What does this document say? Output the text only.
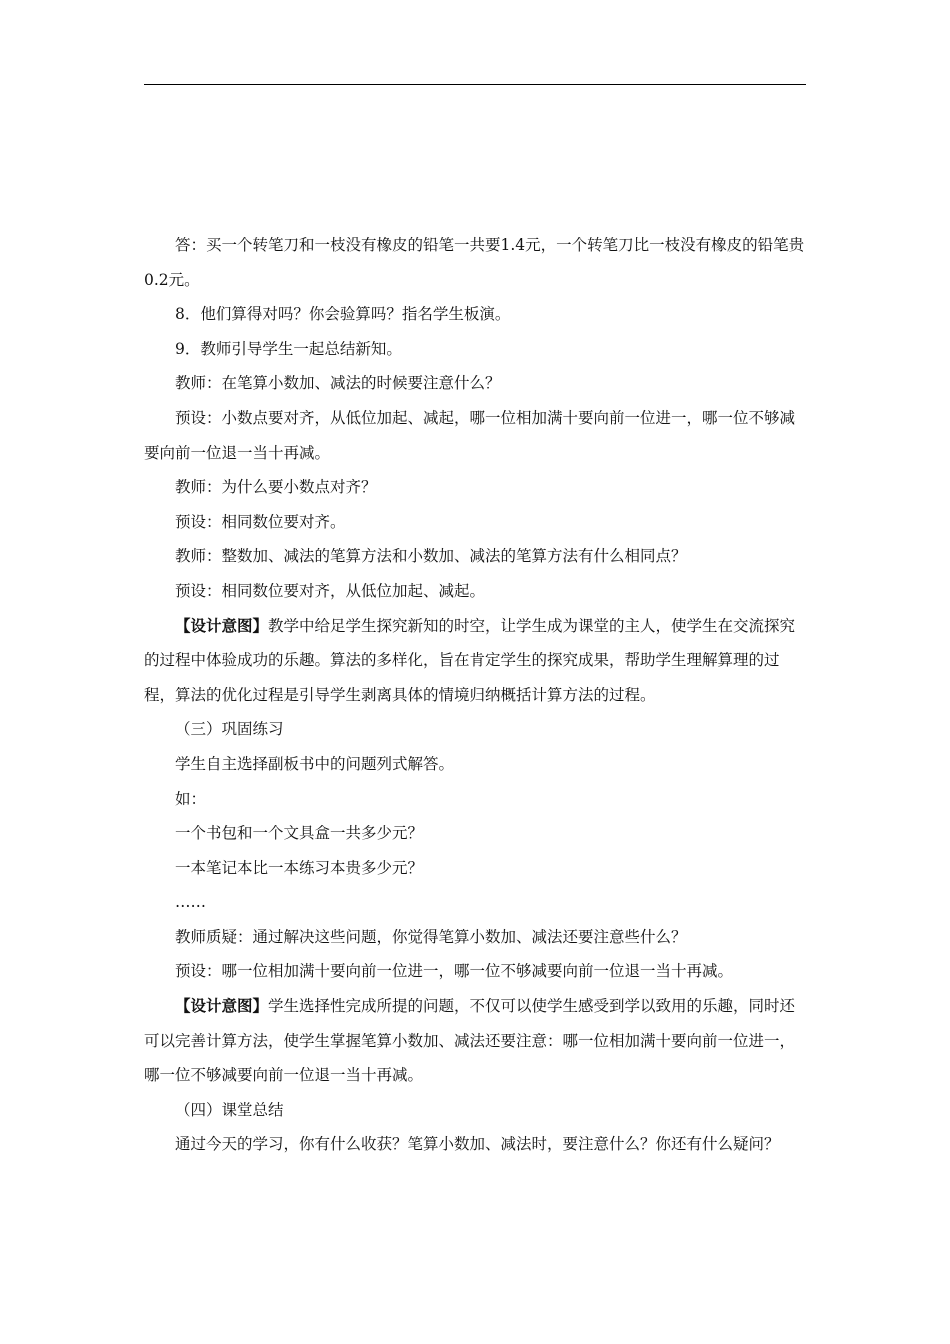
答：买一个转笔刀和一枝没有橡皮的铅笔一共要1.4元，一个转笔刀比一枝没有橡皮的铅笔贵0.2元。

8．他们算得对吗？你会验算吗？指名学生板演。

9．教师引导学生一起总结新知。

教师：在笔算小数加、减法的时候要注意什么？

预设：小数点要对齐，从低位加起、减起，哪一位相加满十要向前一位进一，哪一位不够减要向前一位退一当十再减。

教师：为什么要小数点对齐？

预设：相同数位要对齐。

教师：整数加、减法的笔算方法和小数加、减法的笔算方法有什么相同点？

预设：相同数位要对齐，从低位加起、减起。

【设计意图】教学中给足学生探究新知的时空，让学生成为课堂的主人，使学生在交流探究的过程中体验成功的乐趣。算法的多样化，旨在肯定学生的探究成果，帮助学生理解算理的过程，算法的优化过程是引导学生剥离具体的情境归纳概括计算方法的过程。

（三）巩固练习

学生自主选择副板书中的问题列式解答。

如：

一个书包和一个文具盒一共多少元？

一本笔记本比一本练习本贵多少元？

……

教师质疑：通过解决这些问题，你觉得笔算小数加、减法还要注意些什么？

预设：哪一位相加满十要向前一位进一，哪一位不够减要向前一位退一当十再减。

【设计意图】学生选择性完成所提的问题，不仅可以使学生感受到学以致用的乐趣，同时还可以完善计算方法，使学生掌握笔算小数加、减法还要注意：哪一位相加满十要向前一位进一，哪一位不够减要向前一位退一当十再减。

（四）课堂总结

通过今天的学习，你有什么收获？笔算小数加、减法时，要注意什么？你还有什么疑问？
